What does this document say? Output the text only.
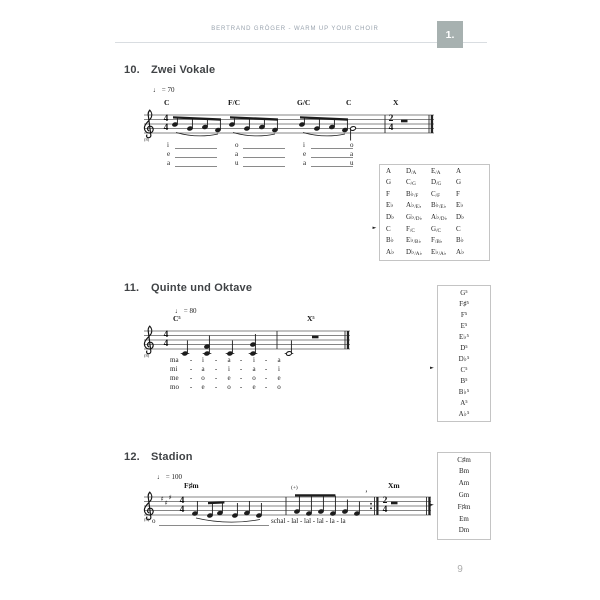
BERTRAND GRÖGER - WARM UP YOUR CHOIR	1.
10. Zwei Vokale
♩ = 70
C	F/C	G/C	C	X
4
4
2
4
(8)
A D/A E/A A
G C/G D/G G
F B♭/F C/F F
E♭ A♭/E♭ B♭/E♭ E♭
D♭ G♭/D♭ A♭/D♭ D♭
C F/C G/C C
B♭ E♭/B♭ F/B♭ B♭
A♭ D♭/A♭ E♭/A♭ A♭
►
11. Quinte und Oktave
♩ = 80
C⁵	X⁵
4
4
(8)
G⁵
F♯⁵
F⁵
E⁵
E♭⁵
D⁵
D♭⁵
C⁵
B⁵
B♭⁵
A⁵
A♭⁵
►
12. Stadion
♩ = 100
F♯m	(+)	Xm
♯ ♯
♯	’
4
4
2
4
(8) o	schal - lal - lal - lal - la - la
C♯m
Bm
Am
Gm
F♯m
Em
Dm
►
9
i	o	i	o
e	a	e	a
a	u	a	u
ma -	i	-	a	-	i	-	a
mi -	a	-	i	-	a	-	i
me -	o	-	e	-	o	-	e
mo -	e	-	o	-	e	-	o
